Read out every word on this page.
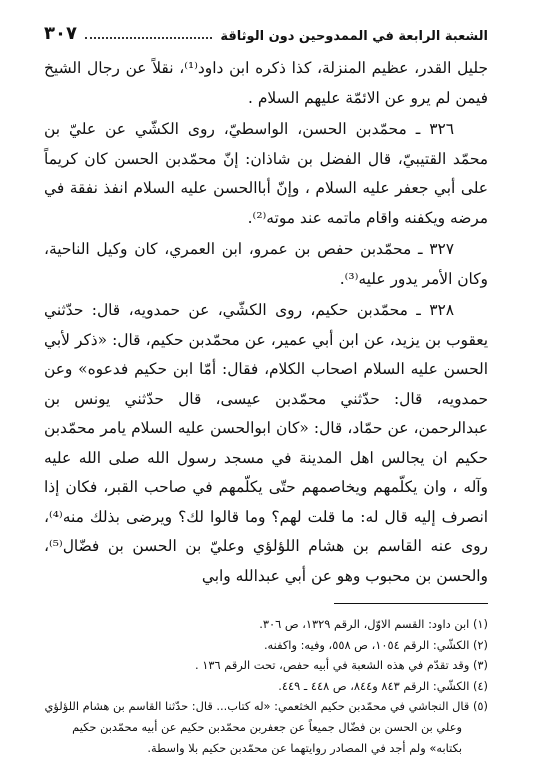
الشعبة الرابعة في الممدوحين دون الوثاقة
٣٠٧

جليل القدر، عظيم المنزلة، كذا ذكره ابن داود⁽¹⁾، نقلاً عن رجال الشيخ فيمن لم يرو عن الائمّة عليهم السلام .

٣٢٦ ـ محمّدبن الحسن، الواسطيّ، روى الكشّي عن عليّ بن محمّد القتيبيّ، قال الفضل بن شاذان: إنّ محمّدبن الحسن كان كريماً على أبي جعفر عليه السلام ، وإنّ أباالحسن عليه السلام انفذ نفقة في مرضه ويكفنه واقام ماتمه عند موته⁽²⁾.

٣٢٧ ـ محمّدبن حفص بن عمرو، ابن العمري، كان وكيل الناحية، وكان الأمر يدور عليه⁽³⁾.

٣٢٨ ـ محمّدبن حكيم، روى الكشّي، عن حمدويه، قال: حدّثني يعقوب بن يزيد، عن ابن أبي عمير، عن محمّدبن حكيم، قال: «ذكر لأبي الحسن عليه السلام اصحاب الكلام، فقال: أمّا ابن حكيم فدعوه» وعن حمدويه، قال: حدّثني محمّدبن عيسى، قال حدّثني يونس بن عبدالرحمن، عن حمّاد، قال: «كان ابوالحسن عليه السلام يامر محمّدبن حكيم ان يجالس اهل المدينة في مسجد رسول الله صلى الله عليه وآله ، وان يكلّمهم ويخاصمهم حتّى يكلّمهم في صاحب القبر، فكان إذا انصرف إليه قال له: ما قلت لهم؟ وما قالوا لك؟ ويرضى بذلك منه⁽⁴⁾، روى عنه القاسم بن هشام اللؤلؤي وعليّ بن الحسن بن فضّال⁽⁵⁾، والحسن بن محبوب وهو عن أبي عبدالله وابي

(١) ابن داود: القسم الاوّل، الرقم ١٣٢٩، ص ٣٠٦.

(٢) الكشّي: الرقم ١٠٥٤، ص ٥٥٨، وفيه: واكفنه.

(٣) وقد تقدّم في هذه الشعبة في أبيه حفص، تحت الرقم ١٣٦ .

(٤) الكشّي: الرقم ٨٤٣ و٨٤٤، ص ٤٤٨ ـ ٤٤٩.

(٥) قال النجاشي في محمّدبن حكيم الخثعمي: «له كتاب... قال: حدّثنا القاسم بن هشام اللؤلؤي

وعلي بن الحسن بن فضّال جميعاً عن جعفربن محمّدبن حكيم عن أبيه محمّدبن حكيم

بكتابه» ولم أجد في المصادر روايتهما عن محمّدبن حكيم بلا واسطة.
